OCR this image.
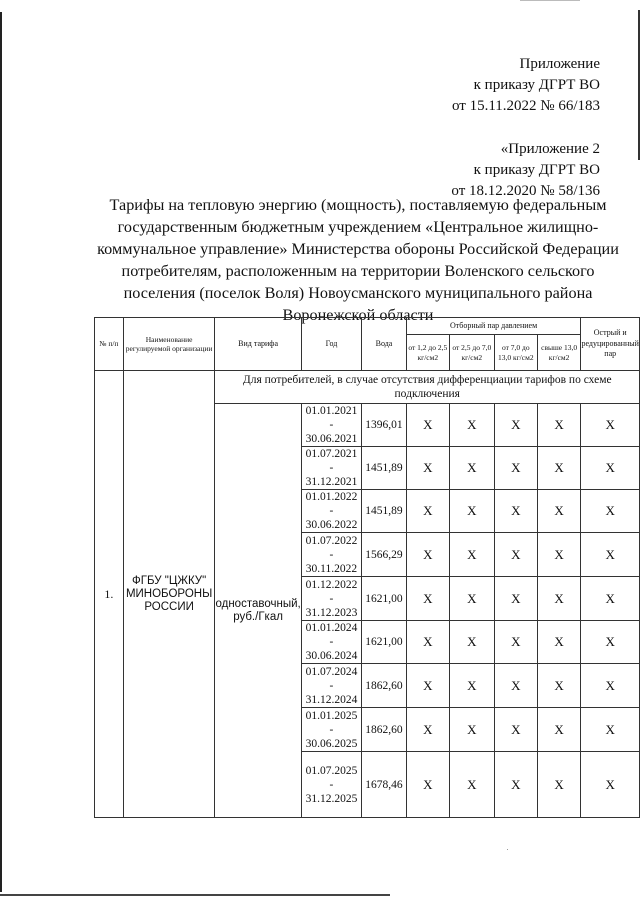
Приложение
к приказу ДГРТ ВО
от 15.11.2022 № 66/183
«Приложение 2
к приказу ДГРТ ВО
от 18.12.2020 № 58/136
Тарифы на тепловую энергию (мощность), поставляемую федеральным
государственным бюджетным учреждением «Центральное жилищно-
коммунальное управление» Министерства обороны Российской Федерации
потребителям, расположенным на территории Воленского сельского
поселения (поселок Воля) Новоусманского муниципального района
Воронежской области
№ п/п	Наименование регулируемой организации	Вид тарифа	Год	Вода	Отборный пар давлением				Острый и редуцированный пар
					от 1,2 до 2,5 кг/см2	от 2,5 до 7,0 кг/см2	от 7,0 до 13,0 кг/см2	свыше 13,0 кг/см2	
1.	ФГБУ "ЦЖКУ" МИНОБОРОНЫ РОССИИ	Для потребителей, в случае отсутствия дифференциации тарифов по схеме подключения							
		одноставочный, руб./Гкал	01.01.2021
-
30.06.2021	1396,01	X	X	X	X	X

			01.07.2021
-
31.12.2021	1451,89	X	X	X	X	X

			01.01.2022
-
30.06.2022	1451,89	X	X	X	X	X

			01.07.2022
-
30.11.2022	1566,29	X	X	X	X	X

			01.12.2022
-
31.12.2023	1621,00	X	X	X	X	X

			01.01.2024
-
30.06.2024	1621,00	X	X	X	X	X

			01.07.2024
-
31.12.2024	1862,60	X	X	X	X	X

			01.01.2025
-
30.06.2025	1862,60	X	X	X	X	X

			01.07.2025
-
31.12.2025	1678,46	X	X	X	X	X
